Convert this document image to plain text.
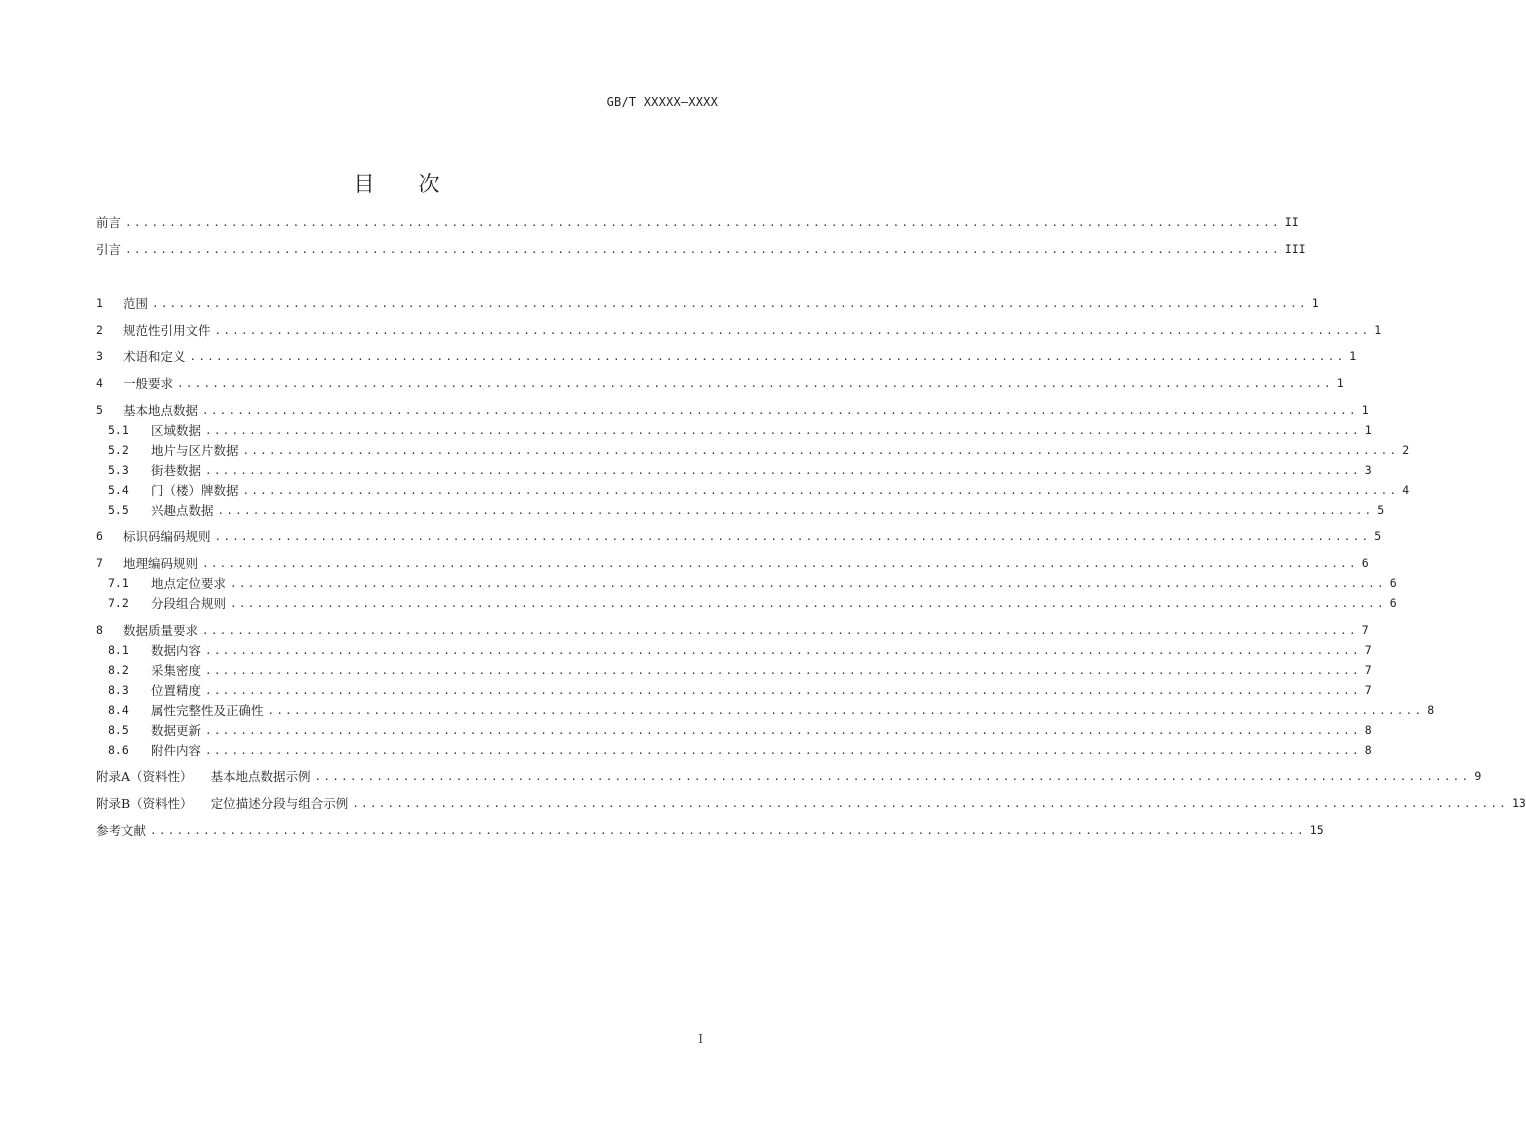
GB/T XXXXX—XXXX
目次
前言 ................................................................................................................................... II
引言 ................................................................................................................................... III
1	范围 ................................................................................................................................... 1
2	规范性引用文件 ................................................................................................................................... 1
3	术语和定义 ................................................................................................................................... 1
4	一般要求 ................................................................................................................................... 1
5	基本地点数据 ................................................................................................................................... 1
5.1	区域数据 ................................................................................................................................... 1
5.2	地片与区片数据 ................................................................................................................................... 2
5.3	街巷数据 ................................................................................................................................... 3
5.4	门（楼）牌数据 ................................................................................................................................... 4
5.5	兴趣点数据 ................................................................................................................................... 5
6	标识码编码规则 ................................................................................................................................... 5
7	地理编码规则 ................................................................................................................................... 6
7.1	地点定位要求 ................................................................................................................................... 6
7.2	分段组合规则 ................................................................................................................................... 6
8	数据质量要求 ................................................................................................................................... 7
8.1	数据内容 ................................................................................................................................... 7
8.2	采集密度 ................................................................................................................................... 7
8.3	位置精度 ................................................................................................................................... 7
8.4	属性完整性及正确性 ................................................................................................................................... 8
8.5	数据更新 ................................................................................................................................... 8
8.6	附件内容 ................................................................................................................................... 8
附录A（资料性） 基本地点数据示例 ................................................................................................................................... 9
附录B（资料性） 定位描述分段与组合示例 ................................................................................................................................... 13
参考文献 ................................................................................................................................... 15
I
